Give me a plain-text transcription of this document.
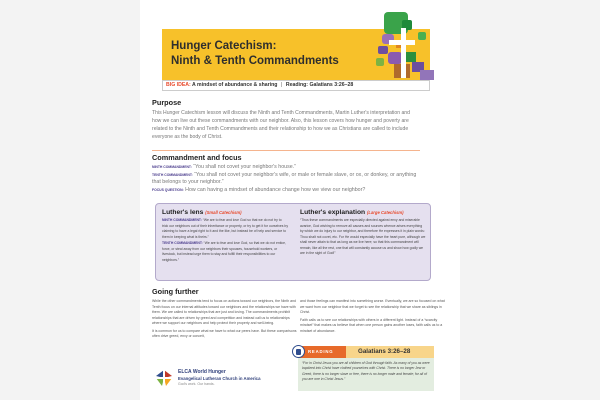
Hunger Catechism:
Ninth & Tenth Commandments
BIG IDEA: A mindset of abundance & sharing | Reading: Galatians 3:26–28
Purpose
This Hunger Catechism lesson will discuss the Ninth and Tenth Commandments, Martin Luther's interpretation and how we can live out these commandments with our neighbor. Also, this lesson covers how hunger and poverty are related to the Ninth and Tenth Commandments and their relationship to how we as Christians are called to include everyone as the body of Christ.
Commandment and focus
NINTH COMMANDMENT: “You shall not covet your neighbor's house.”
TENTH COMMANDMENT: “You shall not covet your neighbor's wife, or male or female slave, or ox, or donkey, or anything that belongs to your neighbor.”
FOCUS QUESTION: How can having a mindset of abundance change how we view our neighbor?
Luther's lens (Small Catechism)
NINTH COMMANDMENT: “We are to fear and love God so that we do not try to trick our neighbors out of their inheritance or property, or try to get it for ourselves by claiming to have a legal right to it and the like, but instead be of help and service to them in keeping what is theirs.”
TENTH COMMANDMENT: “We are to fear and love God, so that we do not entice, force, or steal away from our neighbors their spouses, household workers, or livestock, but instead urge them to stay and fulfill their responsibilities to our neighbors.”
Luther's explanation (Large Catechism)
“Thus these commandments are especially directed against envy and miserable avarice, God wishing to remove all causes and sources whence arises everything by which we do injury to our neighbor, and therefore He expresses it in plain words: Thou shalt not covet, etc. For He would especially have the heart pure, although we shall never attain to that as long as we live here; so that this commandment will remain, like all the rest, one that will constantly accuse us and show how godly we are in the sight of God!”
Going further

While the other commandments tend to focus on actions toward our neighbors, the Ninth and Tenth focus on our internal attitudes toward our neighbors and the relationships we have with them. We are called to relationships that are just and loving. The commandments prohibit relationships that are driven by greed and competition and instead call us to relationships where we support our neighbors and help protect their property and well-being.

It is common for us to compare what we have to what our peers have. But these comparisons often drive greed, envy or conceit,

and those feelings can manifest into something worse. Eventually, we are so focused on what we want from our neighbor that we forget to see the relationship that we share as siblings in Christ.

Faith calls us to see our relationships with others in a different light. Instead of a “scarcity mindset” that makes us believe that when one person gains another loses, faith calls us to a mindset of abundance.

READING	Galatians 3:26–28
“For in Christ Jesus you are all children of God through faith. As many of you as were baptized into Christ have clothed yourselves with Christ. There is no longer Jew or Greek, there is no longer slave or free, there is no longer male and female; for all of you are one in Christ Jesus.”
ELCA World Hunger
Evangelical Lutheran Church in America
God's work. Our hands.
